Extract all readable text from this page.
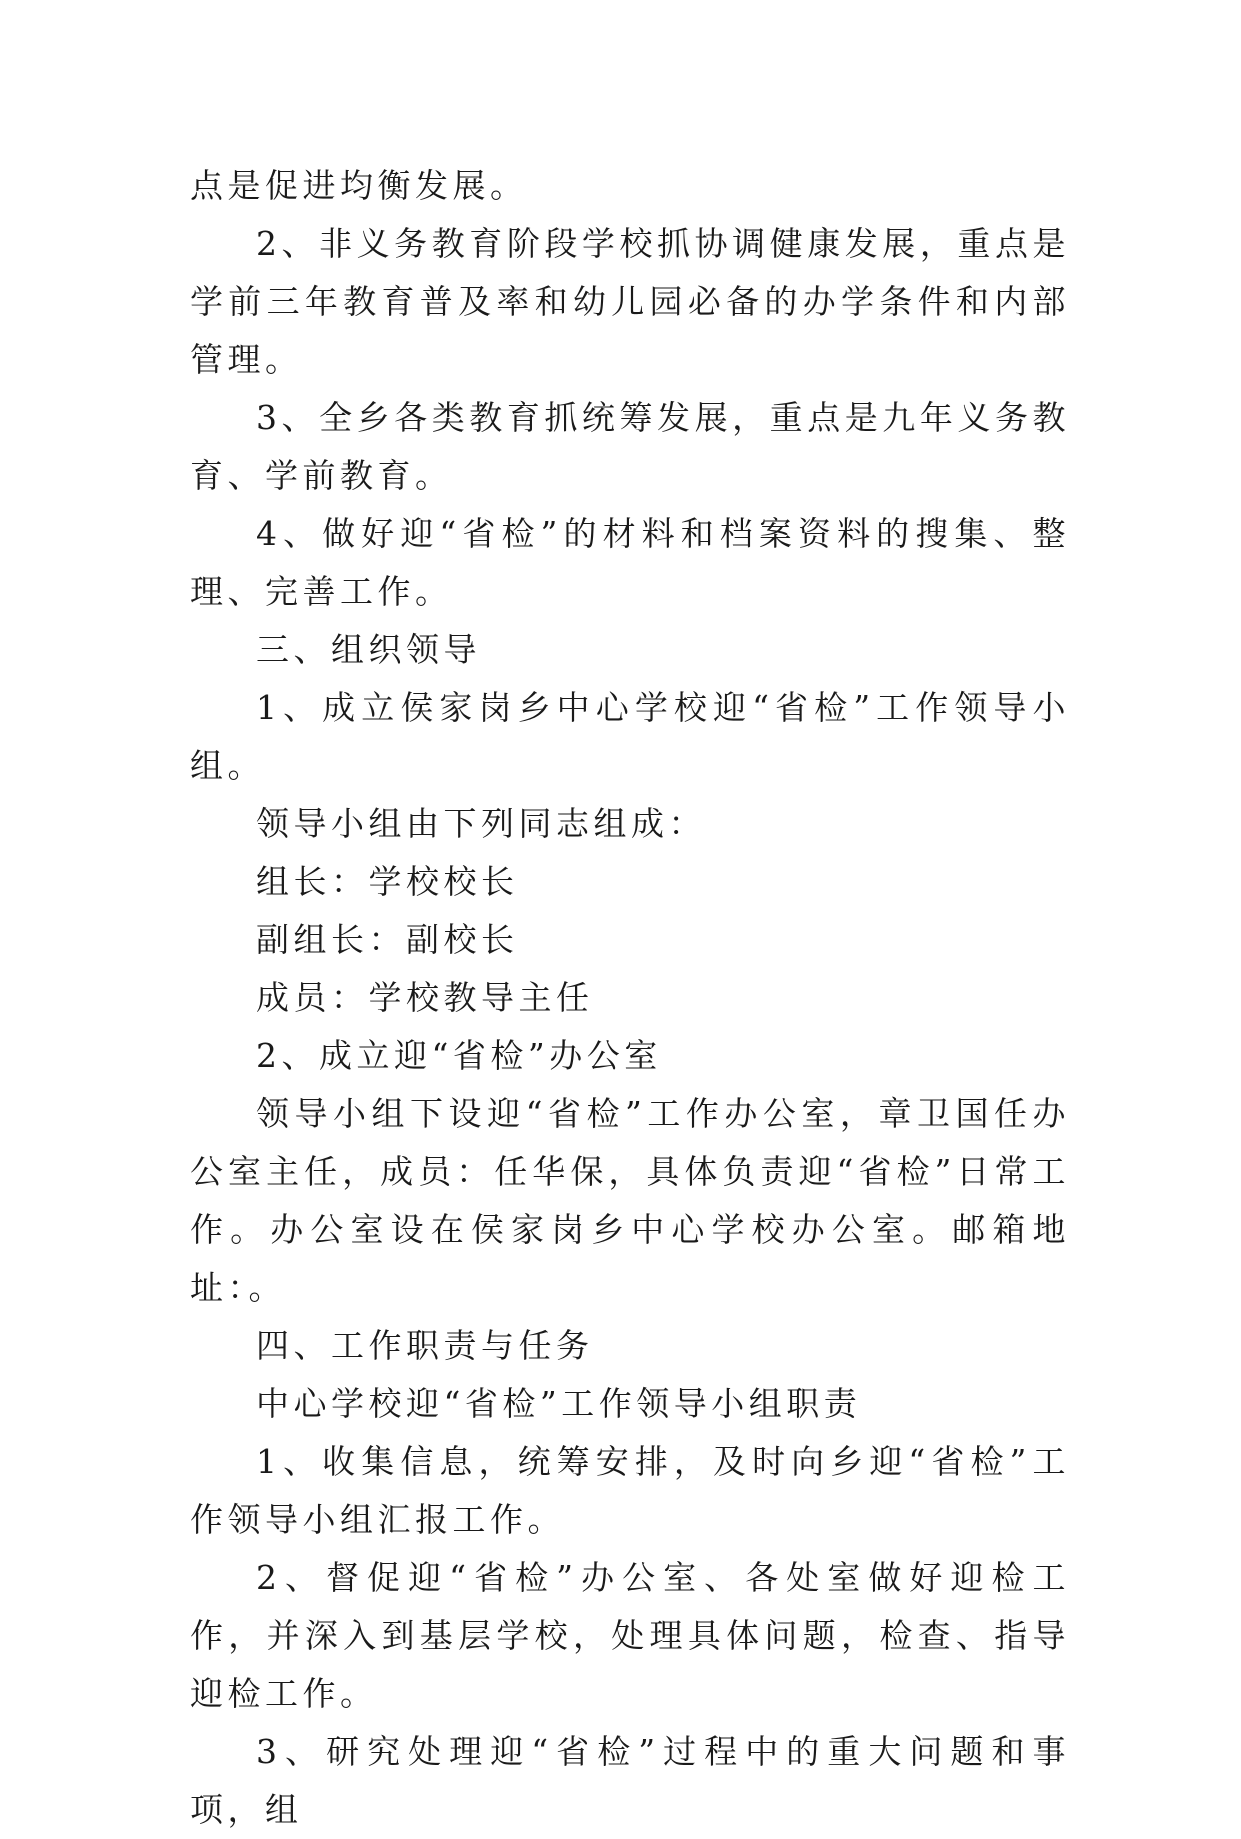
点是促进均衡发展。

2、非义务教育阶段学校抓协调健康发展，重点是学前三年教育普及率和幼儿园必备的办学条件和内部管理。

3、全乡各类教育抓统筹发展，重点是九年义务教育、学前教育。

4、做好迎“省检”的材料和档案资料的搜集、整理、完善工作。

三、组织领导

1、成立侯家岗乡中心学校迎“省检”工作领导小组。

领导小组由下列同志组成：

组长：学校校长

副组长：副校长

成员：学校教导主任

2、成立迎“省检”办公室

领导小组下设迎“省检”工作办公室，章卫国任办公室主任，成员：任华保，具体负责迎“省检”日常工作。办公室设在侯家岗乡中心学校办公室。邮箱地址：。

四、工作职责与任务

中心学校迎“省检”工作领导小组职责

1、收集信息，统筹安排，及时向乡迎“省检”工作领导小组汇报工作。

2、督促迎“省检”办公室、各处室做好迎检工作，并深入到基层学校，处理具体问题，检查、指导迎检工作。

3、研究处理迎“省检”过程中的重大问题和事项，组
